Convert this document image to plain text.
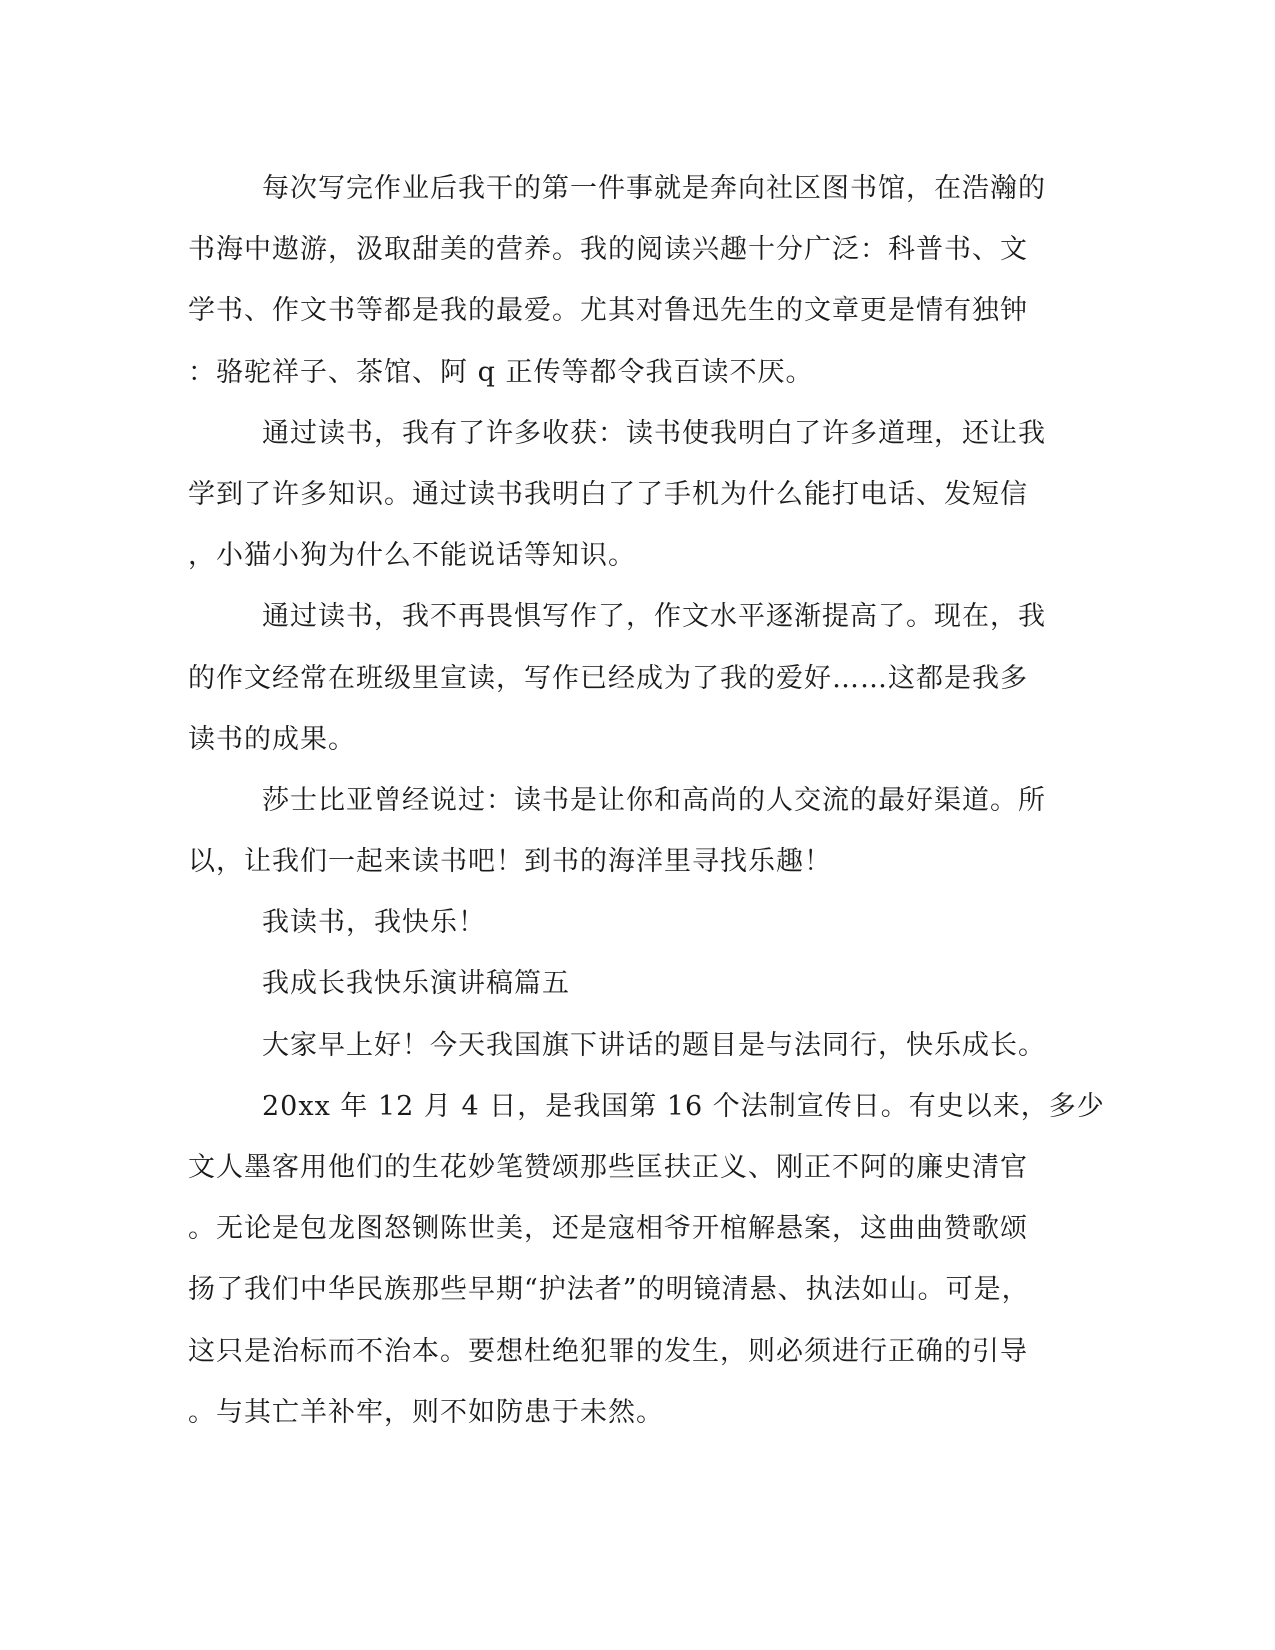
每次写完作业后我干的第一件事就是奔向社区图书馆，在浩瀚的
书海中遨游，汲取甜美的营养。我的阅读兴趣十分广泛：科普书、文
学书、作文书等都是我的最爱。尤其对鲁迅先生的文章更是情有独钟
：骆驼祥子、茶馆、阿 q 正传等都令我百读不厌。
通过读书，我有了许多收获：读书使我明白了许多道理，还让我
学到了许多知识。通过读书我明白了了手机为什么能打电话、发短信
，小猫小狗为什么不能说话等知识。
通过读书，我不再畏惧写作了，作文水平逐渐提高了。现在，我
的作文经常在班级里宣读，写作已经成为了我的爱好……这都是我多
读书的成果。
莎士比亚曾经说过：读书是让你和高尚的人交流的最好渠道。所
以，让我们一起来读书吧！到书的海洋里寻找乐趣！
我读书，我快乐！
我成长我快乐演讲稿篇五
大家早上好！今天我国旗下讲话的题目是与法同行，快乐成长。
20xx 年 12 月 4 日，是我国第 16 个法制宣传日。有史以来，多少
文人墨客用他们的生花妙笔赞颂那些匡扶正义、刚正不阿的廉史清官
。无论是包龙图怒铡陈世美，还是寇相爷开棺解悬案，这曲曲赞歌颂
扬了我们中华民族那些早期“护法者”的明镜清悬、执法如山。可是，
这只是治标而不治本。要想杜绝犯罪的发生，则必须进行正确的引导
。与其亡羊补牢，则不如防患于未然。
